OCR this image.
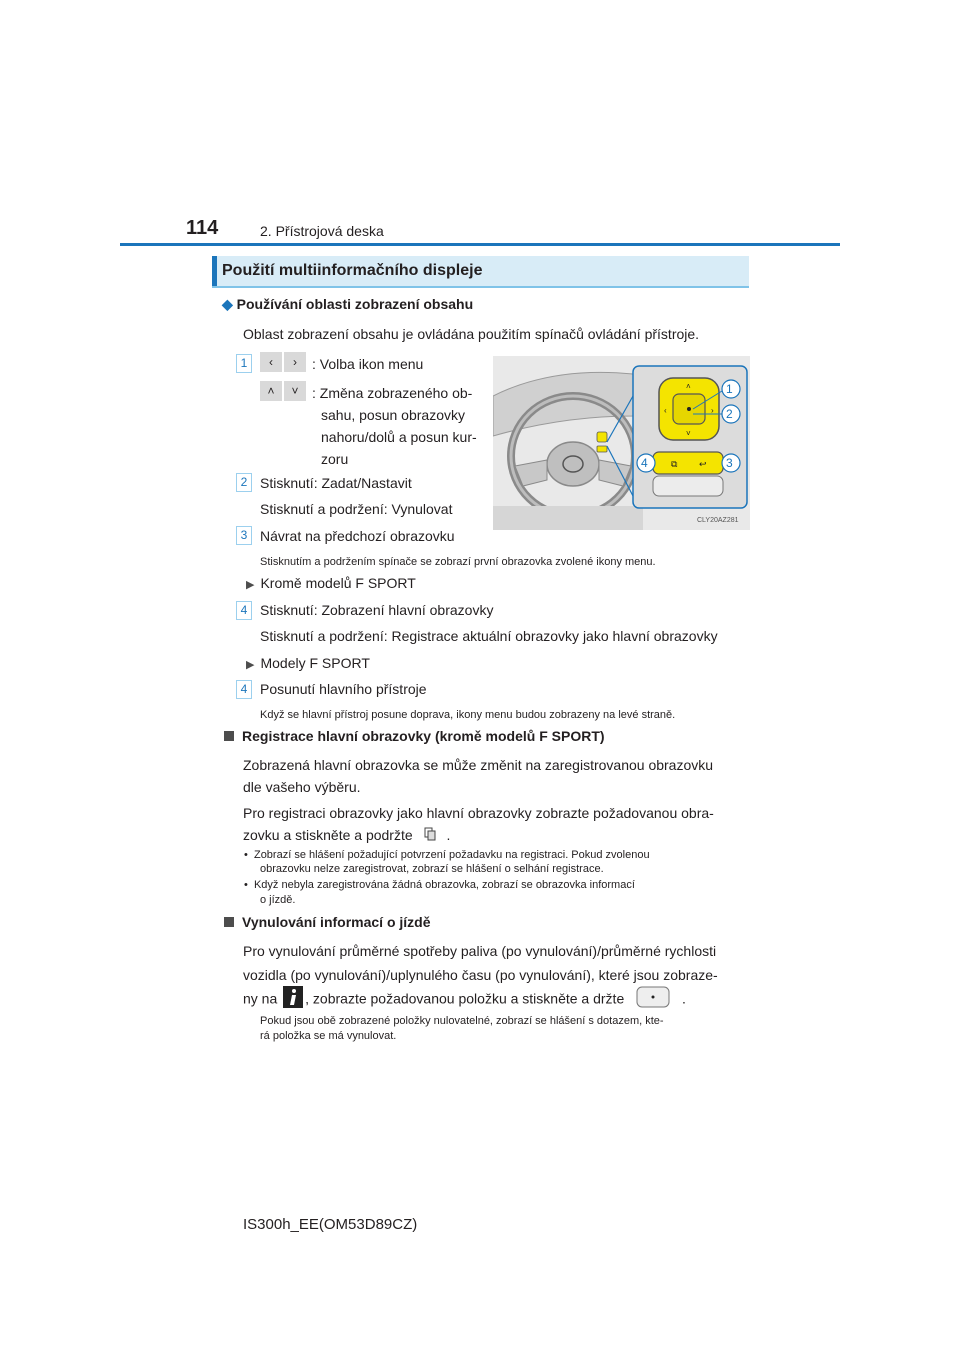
114	2. Přístrojová deska
Použití multiinformačního displeje
◆ Používání oblasti zobrazení obsahu
Oblast zobrazení obsahu je ovládána použitím spínačů ovládání přístroje.
1	‹ ›	: Volba ikon menu
˄ ˅ : Změna zobrazeného ob-
sahu, posun obrazovky
nahoru/dolů a posun kur-
zoru
2 Stisknutí: Zadat/Nastavit
Stisknutí a podržení: Vynulovat
3 Návrat na předchozí obrazovku
˄
˅
‹	›
⧉ ↩
1
2
3
4
CLY20AZ281
Stisknutím a podržením spínače se zobrazí první obrazovka zvolené ikony menu.
▶ Kromě modelů F SPORT
4 Stisknutí: Zobrazení hlavní obrazovky
Stisknutí a podržení: Registrace aktuální obrazovky jako hlavní obrazovky
▶ Modely F SPORT
4 Posunutí hlavního přístroje
Když se hlavní přístroj posune doprava, ikony menu budou zobrazeny na levé straně.
Registrace hlavní obrazovky (kromě modelů F SPORT)
Zobrazená hlavní obrazovka se může změnit na zaregistrovanou obrazovku
dle vašeho výběru.
Pro registraci obrazovky jako hlavní obrazovky zobrazte požadovanou obra-
zovku a stiskněte a podržte .
•  Zobrazí se hlášení požadující potvrzení požadavku na registraci. Pokud zvolenou
obrazovku nelze zaregistrovat, zobrazí se hlášení o selhání registrace.
•  Když nebyla zaregistrována žádná obrazovka, zobrazí se obrazovka informací
o jízdě.
Vynulování informací o jízdě
Pro vynulování průměrné spotřeby paliva (po vynulování)/průměrné rychlosti
vozidla (po vynulování)/uplynulého času (po vynulování), které jsou zobraze-
ny na , zobrazte požadovanou položku a stiskněte a držte	.
Pokud jsou obě zobrazené položky nulovatelné, zobrazí se hlášení s dotazem, kte-
rá položka se má vynulovat.
IS300h_EE(OM53D89CZ)
